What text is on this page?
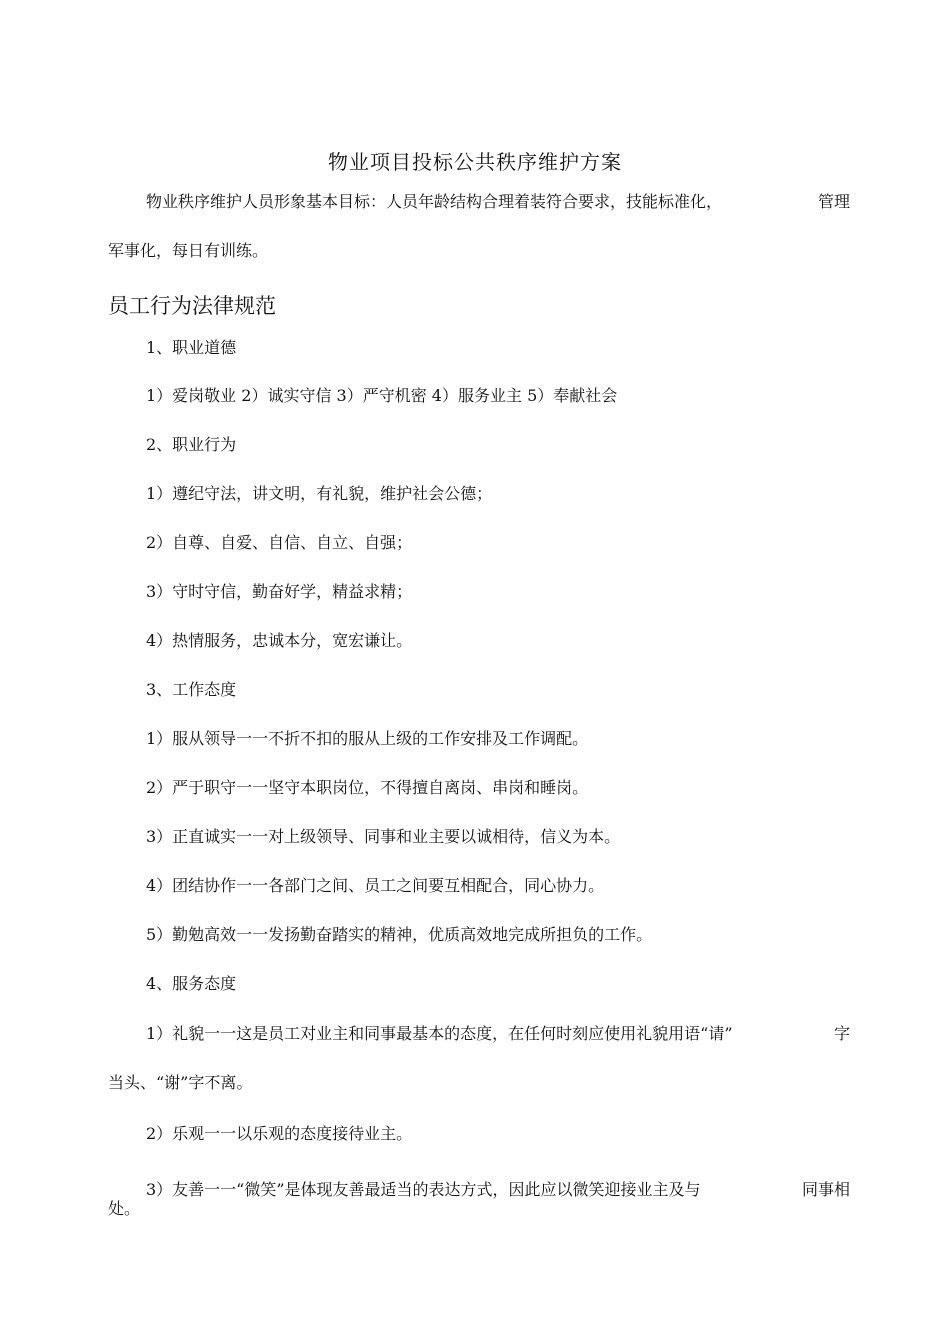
物业项目投标公共秩序维护方案
物业秩序维护人员形象基本目标：人员年龄结构合理着装符合要求，技能标准化，	管理
军事化，每日有训练。
员工行为法律规范
1、职业道德
1）爱岗敬业 2）诚实守信 3）严守机密 4）服务业主 5）奉献社会
2、职业行为
1）遵纪守法，讲文明，有礼貌，维护社会公德；
2）自尊、自爱、自信、自立、自强；
3）守时守信，勤奋好学，精益求精；
4）热情服务，忠诚本分，宽宏谦让。
3、工作态度
1）服从领导一一不折不扣的服从上级的工作安排及工作调配。
2）严于职守一一坚守本职岗位，不得擅自离岗、串岗和睡岗。
3）正直诚实一一对上级领导、同事和业主要以诚相待，信义为本。
4）团结协作一一各部门之间、员工之间要互相配合，同心协力。
5）勤勉高效一一发扬勤奋踏实的精神，优质高效地完成所担负的工作。
4、服务态度
1）礼貌一一这是员工对业主和同事最基本的态度，在任何时刻应使用礼貌用语“请”	字
当头、“谢”字不离。
2）乐观一一以乐观的态度接待业主。
3）友善一一“微笑”是体现友善最适当的表达方式，因此应以微笑迎接业主及与	同事相
处。
